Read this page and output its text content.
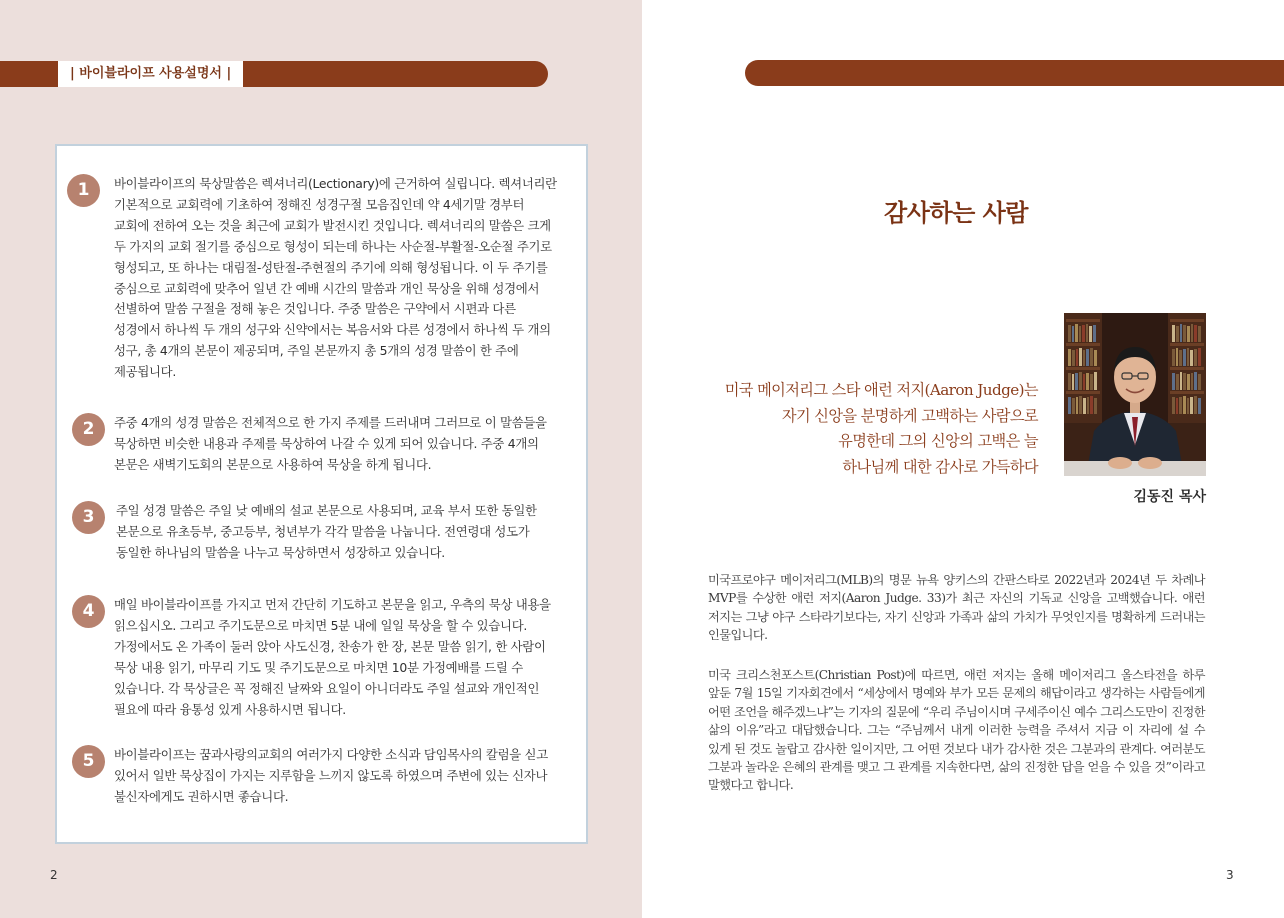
| 바이블라이프 사용설명서 |
1	바이블라이프의 묵상말씀은 렉셔너리(Lectionary)에 근거하여 실립니다. 렉셔너리란 기본적으로 교회력에 기초하여 정해진 성경구절 모음집인데 약 4세기말 경부터 교회에 전하여 오는 것을 최근에 교회가 발전시킨 것입니다. 렉셔너리의 말씀은 크게 두 가지의 교회 절기를 중심으로 형성이 되는데 하나는 사순절-부활절-오순절 주기로 형성되고, 또 하나는 대림절-성탄절-주현절의 주기에 의해 형성됩니다. 이 두 주기를 중심으로 교회력에 맞추어 일년 간 예배 시간의 말씀과 개인 묵상을 위해 성경에서 선별하여 말씀 구절을 정해 놓은 것입니다. 주중 말씀은 구약에서 시편과 다른 성경에서 하나씩 두 개의 성구와 신약에서는 복음서와 다른 성경에서 하나씩 두 개의 성구, 총 4개의 본문이 제공되며, 주일 본문까지 총 5개의 성경 말씀이 한 주에 제공됩니다.
2	주중 4개의 성경 말씀은 전체적으로 한 가지 주제를 드러내며 그러므로 이 말씀들을 묵상하면 비슷한 내용과 주제를 묵상하여 나갈 수 있게 되어 있습니다. 주중 4개의 본문은 새벽기도회의 본문으로 사용하여 묵상을 하게 됩니다.
3	주일 성경 말씀은 주일 낮 예배의 설교 본문으로 사용되며, 교육 부서 또한 동일한 본문으로 유초등부, 중고등부, 청년부가 각각 말씀을 나눕니다. 전연령대 성도가 동일한 하나님의 말씀을 나누고 묵상하면서 성장하고 있습니다.
4	매일 바이블라이프를 가지고 먼저 간단히 기도하고 본문을 읽고, 우측의 묵상 내용을 읽으십시오. 그리고 주기도문으로 마치면 5분 내에 일일 묵상을 할 수 있습니다. 가정에서도 온 가족이 둘러 앉아 사도신경, 찬송가 한 장, 본문 말씀 읽기, 한 사람이 묵상 내용 읽기, 마무리 기도 및 주기도문으로 마치면 10분 가정예배를 드릴 수 있습니다. 각 묵상글은 꼭 정해진 날짜와 요일이 아니더라도 주일 설교와 개인적인 필요에 따라 융통성 있게 사용하시면 됩니다.
5	바이블라이프는 꿈과사랑의교회의 여러가지 다양한 소식과 담임목사의 칼럼을 싣고 있어서 일반 묵상집이 가지는 지루함을 느끼지 않도록 하였으며 주변에 있는 신자나 불신자에게도 권하시면 좋습니다.
2
감사하는 사람
미국 메이저리그 스타 애런 저지(Aaron Judge)는
자기 신앙을 분명하게 고백하는 사람으로
유명한데 그의 신앙의 고백은 늘
하나님께 대한 감사로 가득하다
김동진 목사
미국프로야구 메이저리그(MLB)의 명문 뉴욕 양키스의 간판스타로 2022년과 2024년 두 차례나 MVP를 수상한 애런 저지(Aaron Judge. 33)가 최근 자신의 기독교 신앙을 고백했습니다. 애런 저지는 그냥 야구 스타라기보다는, 자기 신앙과 가족과 삶의 가치가 무엇인지를 명확하게 드러내는 인물입니다.
미국 크리스천포스트(Christian Post)에 따르면, 애런 저지는 올해 메이저리그 올스타전을 하루 앞둔 7월 15일 기자회견에서 “세상에서 명예와 부가 모든 문제의 해답이라고 생각하는 사람들에게 어떤 조언을 해주겠느냐”는 기자의 질문에 “우리 주님이시며 구세주이신 예수 그리스도만이 진정한 삶의 이유”라고 대답했습니다. 그는 “주님께서 내게 이러한 능력을 주셔서 지금 이 자리에 설 수 있게 된 것도 놀랍고 감사한 일이지만, 그 어떤 것보다 내가 감사한 것은 그분과의 관계다. 여러분도 그분과 놀라운 은혜의 관계를 맺고 그 관계를 지속한다면, 삶의 진정한 답을 얻을 수 있을 것”이라고 말했다고 합니다.
3
